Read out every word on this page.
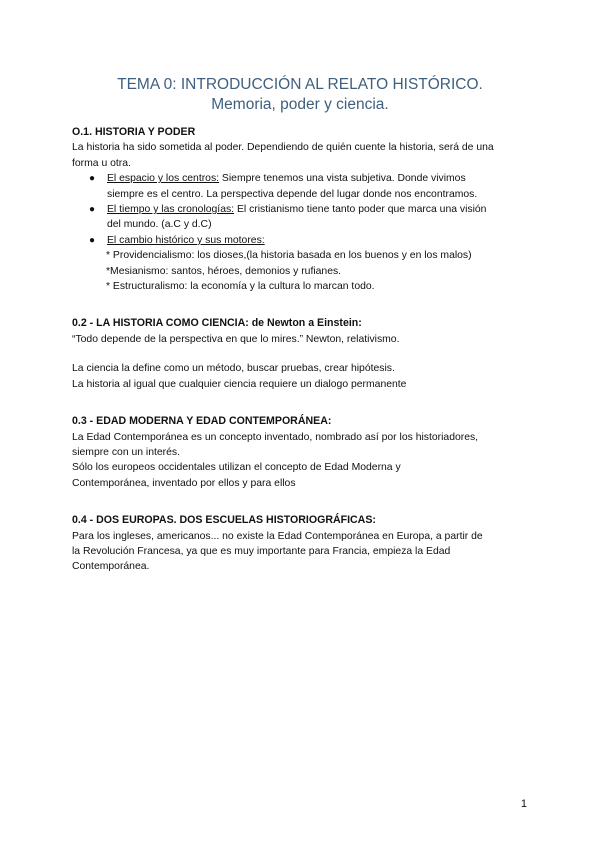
TEMA 0: INTRODUCCIÓN AL RELATO HISTÓRICO.
Memoria, poder y ciencia.
O.1. HISTORIA Y PODER

La historia ha sido sometida al poder. Dependiendo de quién cuente la historia, será de una

forma u otra.

● El espacio y los centros: Siempre tenemos una vista subjetiva. Donde vivimos
siempre es el centro. La perspectiva depende del lugar donde nos encontramos.
● El tiempo y las cronologías: El cristianismo tiene tanto poder que marca una visión
del mundo. (a.C y d.C)
● El cambio histórico y sus motores:
* Providencialismo: los dioses,(la historia basada en los buenos y en los malos)
*Mesianismo: santos, héroes, demonios y rufianes.
* Estructuralismo: la economía y la cultura lo marcan todo.
0.2 - LA HISTORIA COMO CIENCIA: de Newton a Einstein:

“Todo depende de la perspectiva en que lo mires.” Newton, relativismo.

La ciencia la define como un método, buscar pruebas, crear hipótesis.

La historia al igual que cualquier ciencia requiere un dialogo permanente

0.3 - EDAD MODERNA Y EDAD CONTEMPORÁNEA:

La Edad Contemporánea es un concepto inventado, nombrado así por los historiadores,

siempre con un interés.

Sólo los europeos occidentales utilizan el concepto de Edad Moderna y

Contemporánea, inventado por ellos y para ellos

0.4 - DOS EUROPAS. DOS ESCUELAS HISTORIOGRÁFICAS:

Para los ingleses, americanos... no existe la Edad Contemporánea en Europa, a partir de

la Revolución Francesa, ya que es muy importante para Francia, empieza la Edad

Contemporánea.

1
